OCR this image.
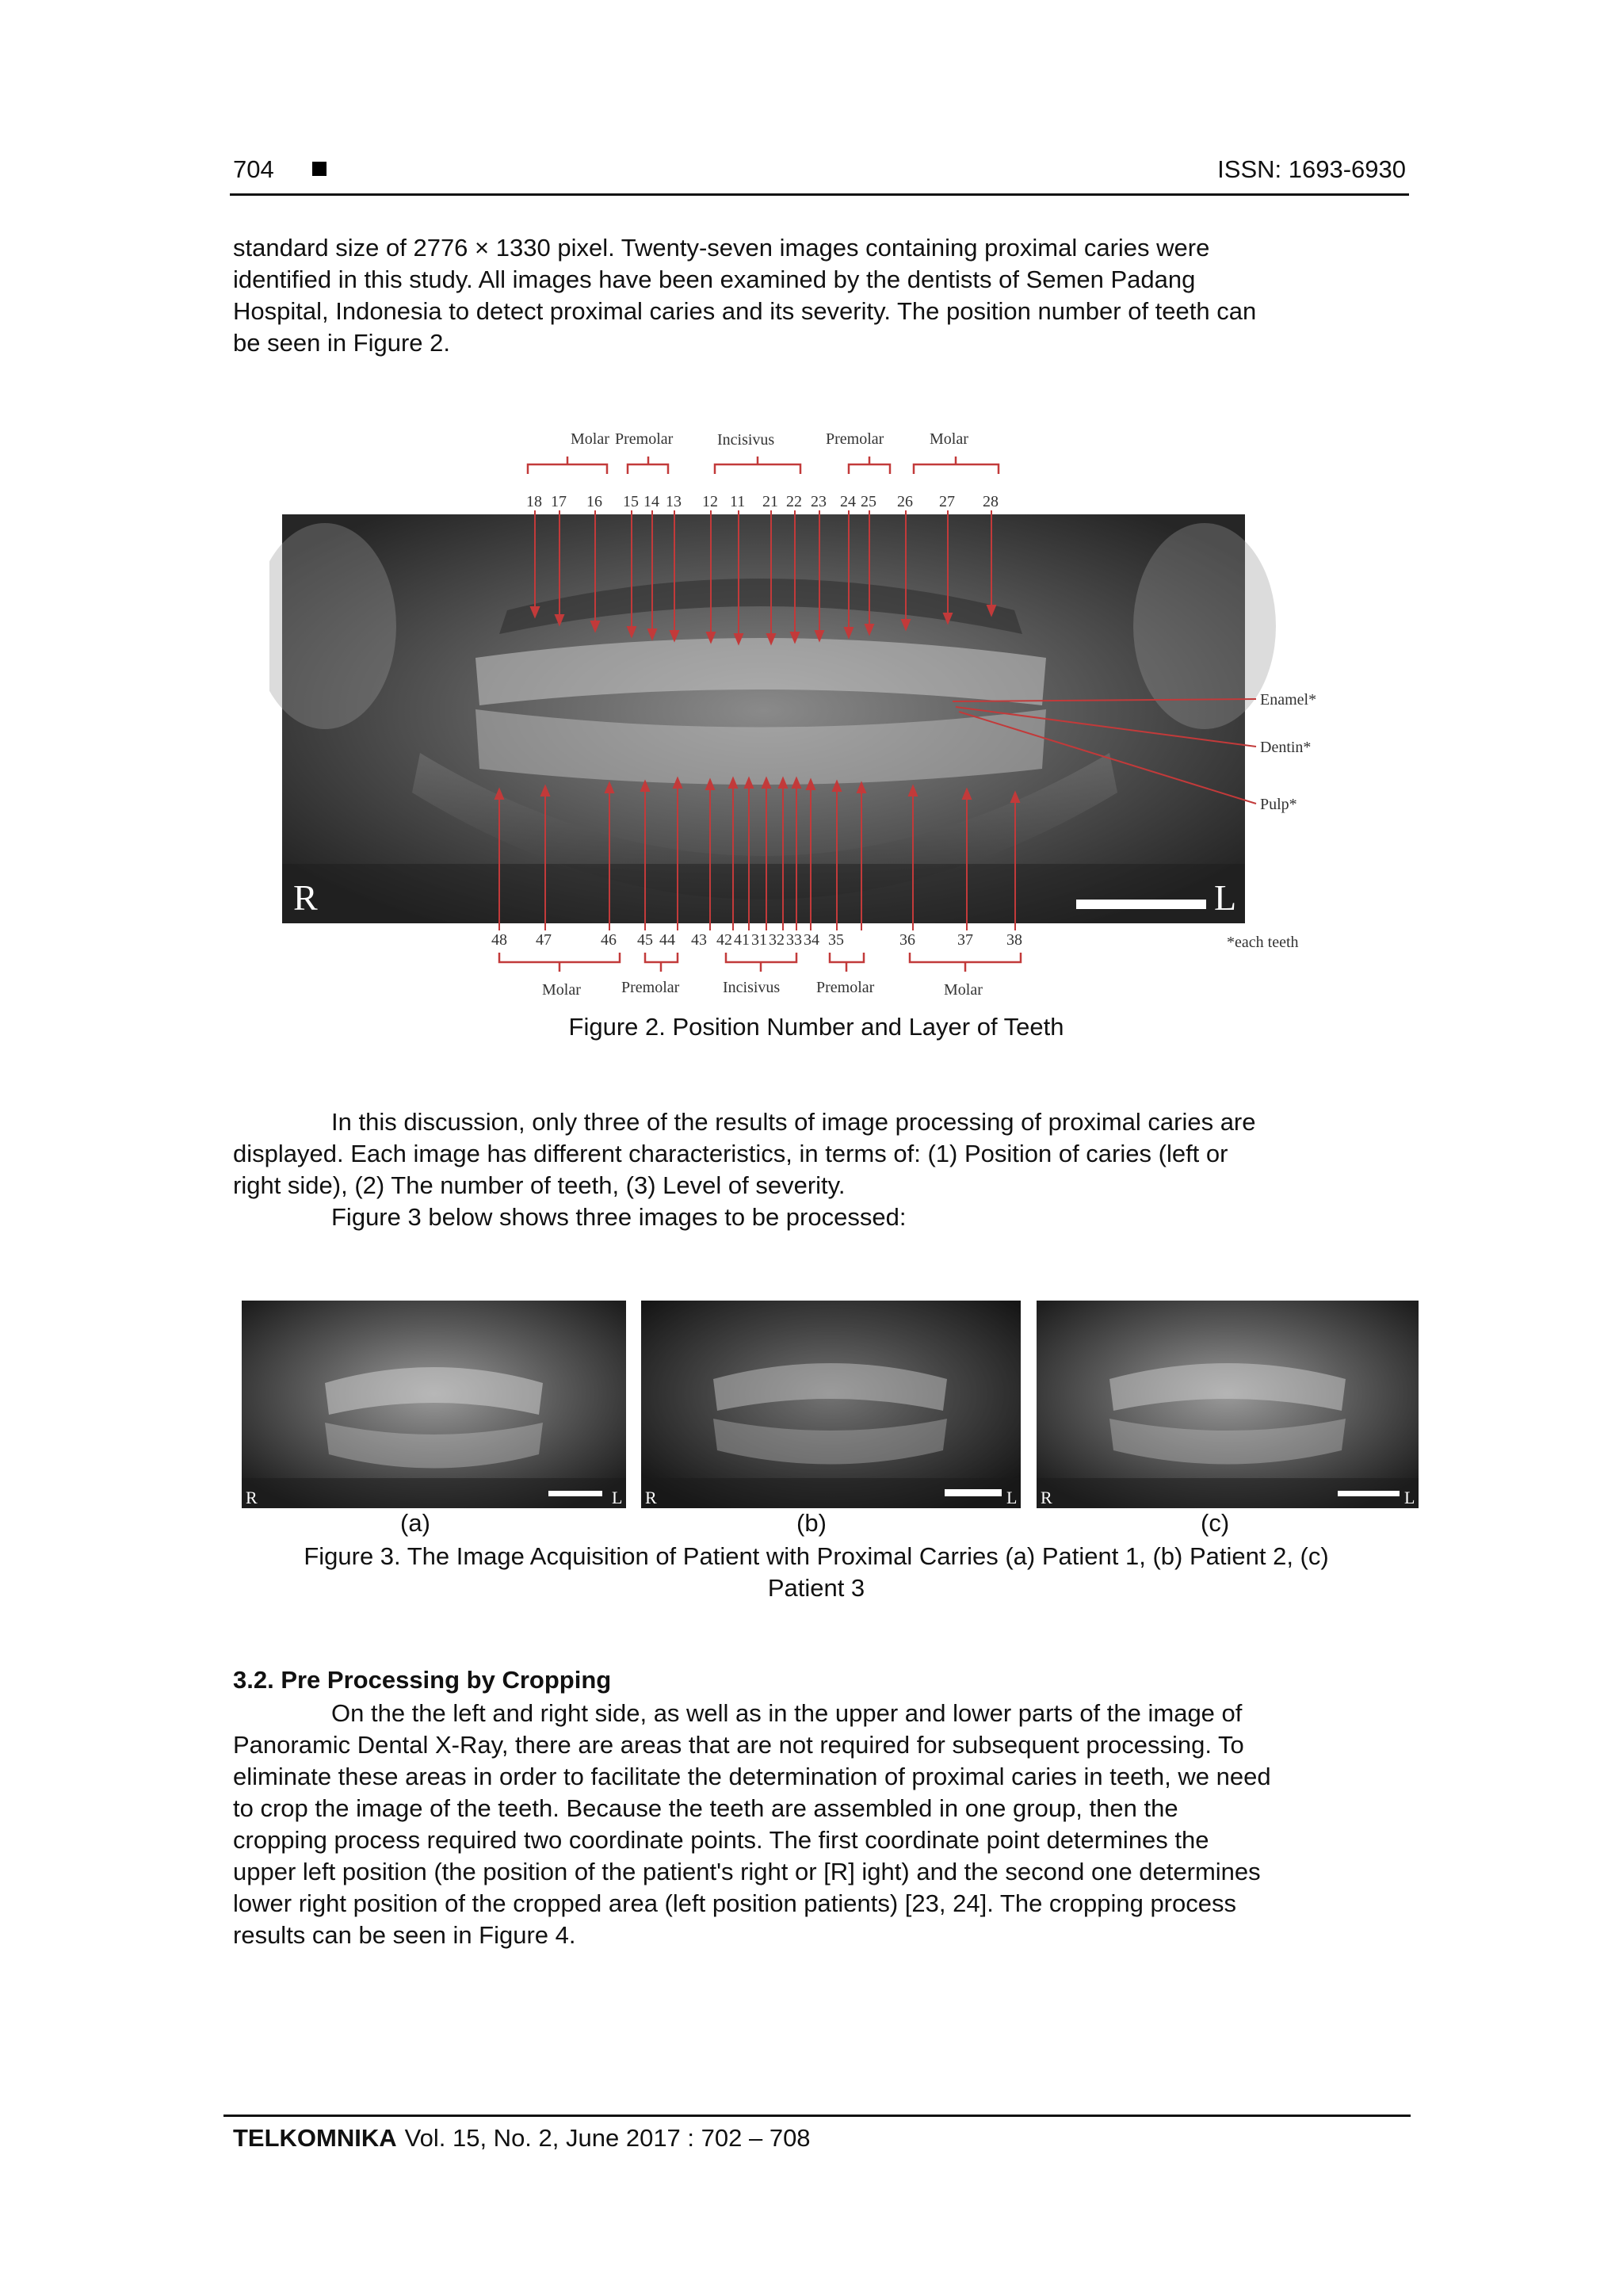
704	ISSN: 1693-6930
standard size of 2776 × 1330 pixel. Twenty-seven images containing proximal caries were
identified in this study. All images have been examined by the dentists of Semen Padang
Hospital, Indonesia to detect proximal caries and its severity. The position number of teeth can
be seen in Figure 2.
R	L
Molar Premolar	Incisivus	Premolar	Molar
18 17 16 15 14 13 12 11 21 22 23 24 25 26 27 28
Enamel*
Dentin*
Pulp*
*each teeth
48 47	46 45 44 43 42 41 31 32 33 34 35	36	37 38
Molar	Premolar	Incisivus Premolar	Molar
Figure 2. Position Number and Layer of Teeth
In this discussion, only three of the results of image processing of proximal caries are
displayed. Each image has different characteristics, in terms of: (1) Position of caries (left or
right side), (2) The number of teeth, (3) Level of severity.
Figure 3 below shows three images to be processed:
R	L R	L R	L
(a)	(b)	(c)
Figure 3. The Image Acquisition of Patient with Proximal Carries (a) Patient 1, (b) Patient 2, (c)
Patient 3
3.2. Pre Processing by Cropping
On the the left and right side, as well as in the upper and lower parts of the image of
Panoramic Dental X-Ray, there are areas that are not required for subsequent processing. To
eliminate these areas in order to facilitate the determination of proximal caries in teeth, we need
to crop the image of the teeth. Because the teeth are assembled in one group, then the
cropping process required two coordinate points. The first coordinate point determines the
upper left position (the position of the patient's right or [R] ight) and the second one determines
lower right position of the cropped area (left position patients) [23, 24]. The cropping process
results can be seen in Figure 4.
TELKOMNIKA Vol. 15, No. 2, June 2017 : 702 – 708
